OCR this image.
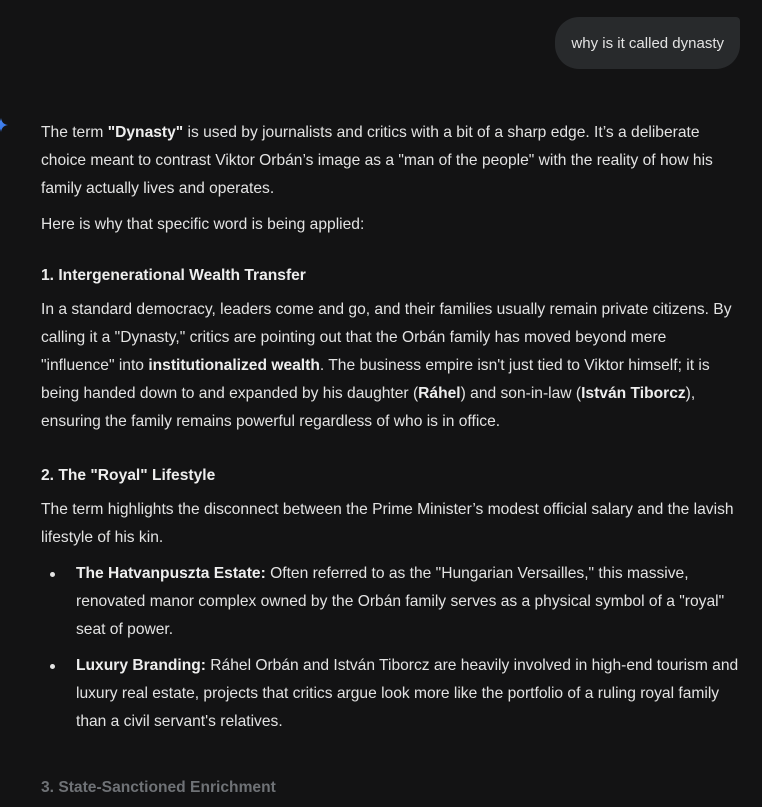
why is it called dynasty

The term "Dynasty" is used by journalists and critics with a bit of a sharp edge. It’s a deliberate choice meant to contrast Viktor Orbán’s image as a "man of the people" with the reality of how his family actually lives and operates.

Here is why that specific word is being applied:

1. Intergenerational Wealth Transfer

In a standard democracy, leaders come and go, and their families usually remain private citizens. By calling it a "Dynasty," critics are pointing out that the Orbán family has moved beyond mere "influence" into institutionalized wealth. The business empire isn't just tied to Viktor himself; it is being handed down to and expanded by his daughter (Ráhel) and son-in-law (István Tiborcz), ensuring the family remains powerful regardless of who is in office.

2. The "Royal" Lifestyle

The term highlights the disconnect between the Prime Minister’s modest official salary and the lavish lifestyle of his kin.

The Hatvanpuszta Estate: Often referred to as the "Hungarian Versailles," this massive, renovated manor complex owned by the Orbán family serves as a physical symbol of a "royal" seat of power.
Luxury Branding: Ráhel Orbán and István Tiborcz are heavily involved in high-end tourism and luxury real estate, projects that critics argue look more like the portfolio of a ruling royal family than a civil servant's relatives.
3. State-Sanctioned Enrichment
